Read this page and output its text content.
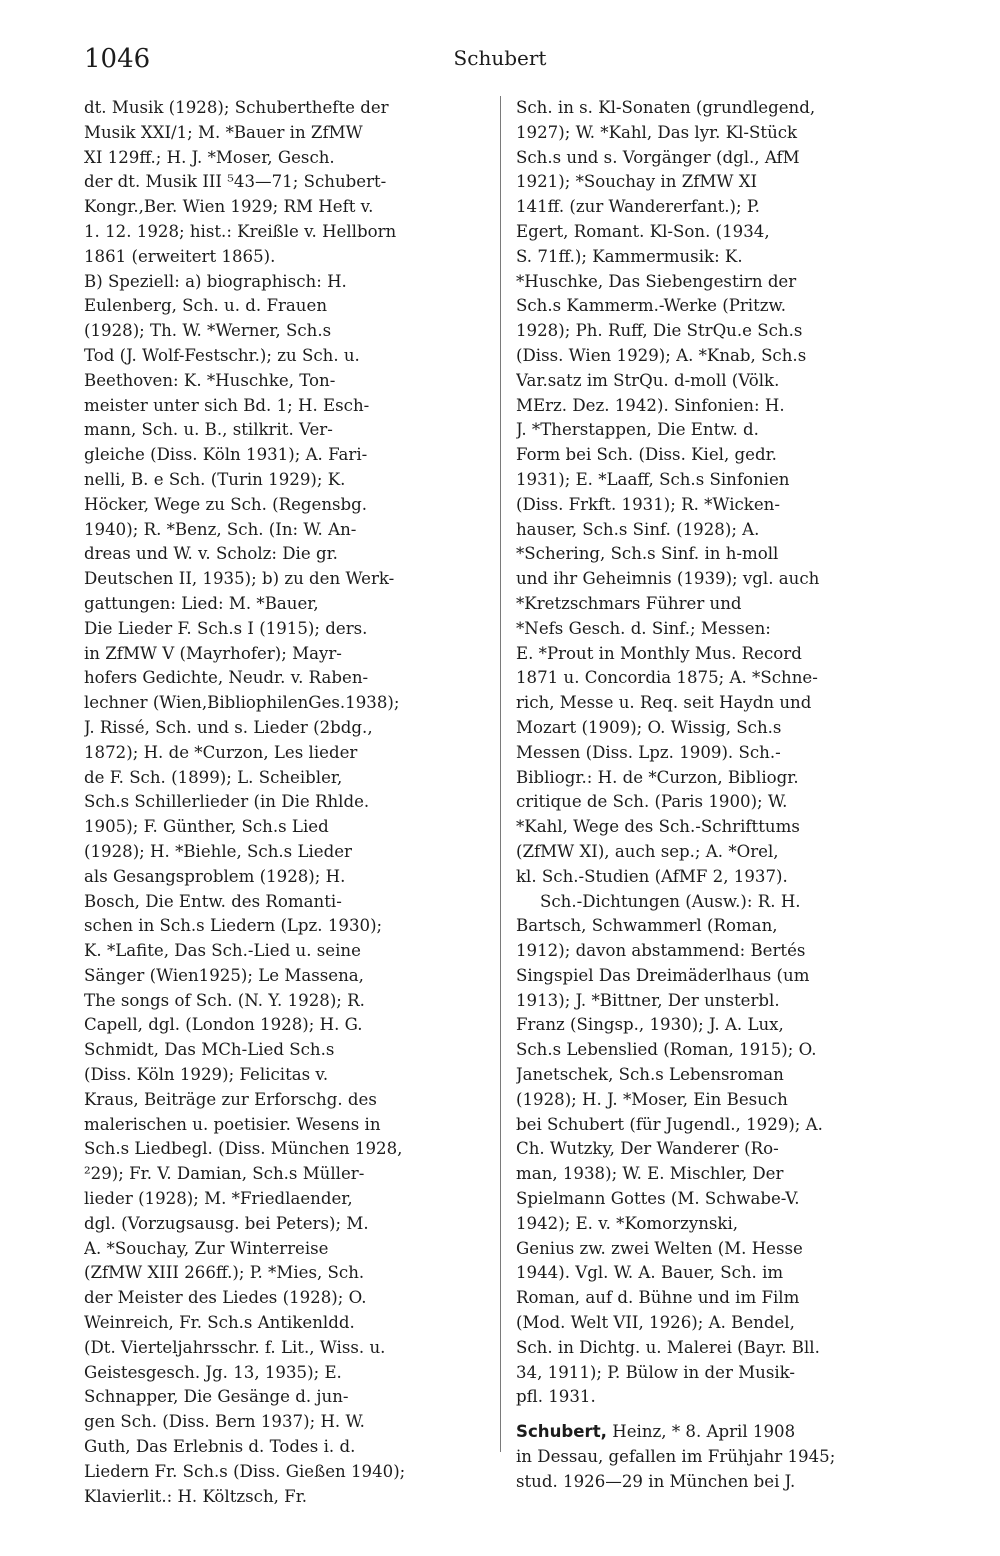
1046	Schubert
dt. Musik (1928); Schuberthefte der
Musik XXI/1; M. *Bauer in ZfMW
XI 129ff.; H. J. *Moser, Gesch.
der dt. Musik III ⁵43—71; Schubert-
Kongr.,Ber. Wien 1929; RM Heft v.
1. 12. 1928; hist.: Kreißle v. Hellborn
1861 (erweitert 1865).
B) Speziell: a) biographisch: H.
Eulenberg, Sch. u. d. Frauen
(1928); Th. W. *Werner, Sch.s
Tod (J. Wolf-Festschr.); zu Sch. u.
Beethoven: K. *Huschke, Ton-
meister unter sich Bd. 1; H. Esch-
mann, Sch. u. B., stilkrit. Ver-
gleiche (Diss. Köln 1931); A. Fari-
nelli, B. e Sch. (Turin 1929); K.
Höcker, Wege zu Sch. (Regensbg.
1940); R. *Benz, Sch. (In: W. An-
dreas und W. v. Scholz: Die gr.
Deutschen II, 1935); b) zu den Werk-
gattungen: Lied: M. *Bauer,
Die Lieder F. Sch.s I (1915); ders.
in ZfMW V (Mayrhofer); Mayr-
hofers Gedichte, Neudr. v. Raben-
lechner (Wien,BibliophilenGes.1938);
J. Rissé, Sch. und s. Lieder (2bdg.,
1872); H. de *Curzon, Les lieder
de F. Sch. (1899); L. Scheibler,
Sch.s Schillerlieder (in Die Rhlde.
1905); F. Günther, Sch.s Lied
(1928); H. *Biehle, Sch.s Lieder
als Gesangsproblem (1928); H.
Bosch, Die Entw. des Romanti-
schen in Sch.s Liedern (Lpz. 1930);
K. *Lafite, Das Sch.-Lied u. seine
Sänger (Wien1925); Le Massena,
The songs of Sch. (N. Y. 1928); R.
Capell, dgl. (London 1928); H. G.
Schmidt, Das MCh-Lied Sch.s
(Diss. Köln 1929); Felicitas v.
Kraus, Beiträge zur Erforschg. des
malerischen u. poetisier. Wesens in
Sch.s Liedbegl. (Diss. München 1928,
²29); Fr. V. Damian, Sch.s Müller-
lieder (1928); M. *Friedlaender,
dgl. (Vorzugsausg. bei Peters); M.
A. *Souchay, Zur Winterreise
(ZfMW XIII 266ff.); P. *Mies, Sch.
der Meister des Liedes (1928); O.
Weinreich, Fr. Sch.s Antikenldd.
(Dt. Vierteljahrsschr. f. Lit., Wiss. u.
Geistesgesch. Jg. 13, 1935); E.
Schnapper, Die Gesänge d. jun-
gen Sch. (Diss. Bern 1937); H. W.
Guth, Das Erlebnis d. Todes i. d.
Liedern Fr. Sch.s (Diss. Gießen 1940);
Klavierlit.: H. Költzsch, Fr.
Sch. in s. Kl-Sonaten (grundlegend,
1927); W. *Kahl, Das lyr. Kl-Stück
Sch.s und s. Vorgänger (dgl., AfM
1921); *Souchay in ZfMW XI
141ff. (zur Wandererfant.); P.
Egert, Romant. Kl-Son. (1934,
S. 71ff.); Kammermusik: K.
*Huschke, Das Siebengestirn der
Sch.s Kammerm.-Werke (Pritzw.
1928); Ph. Ruff, Die StrQu.e Sch.s
(Diss. Wien 1929); A. *Knab, Sch.s
Var.satz im StrQu. d-moll (Völk.
MErz. Dez. 1942). Sinfonien: H.
J. *Therstappen, Die Entw. d.
Form bei Sch. (Diss. Kiel, gedr.
1931); E. *Laaff, Sch.s Sinfonien
(Diss. Frkft. 1931); R. *Wicken-
hauser, Sch.s Sinf. (1928); A.
*Schering, Sch.s Sinf. in h-moll
und ihr Geheimnis (1939); vgl. auch
*Kretzschmars Führer und
*Nefs Gesch. d. Sinf.; Messen:
E. *Prout in Monthly Mus. Record
1871 u. Concordia 1875; A. *Schne-
rich, Messe u. Req. seit Haydn und
Mozart (1909); O. Wissig, Sch.s
Messen (Diss. Lpz. 1909). Sch.-
Bibliogr.: H. de *Curzon, Bibliogr.
critique de Sch. (Paris 1900); W.
*Kahl, Wege des Sch.-Schrifttums
(ZfMW XI), auch sep.; A. *Orel,
kl. Sch.-Studien (AfMF 2, 1937).
Sch.-Dichtungen (Ausw.): R. H.
Bartsch, Schwammerl (Roman,
1912); davon abstammend: Bertés
Singspiel Das Dreimäderlhaus (um
1913); J. *Bittner, Der unsterbl.
Franz (Singsp., 1930); J. A. Lux,
Sch.s Lebenslied (Roman, 1915); O.
Janetschek, Sch.s Lebensroman
(1928); H. J. *Moser, Ein Besuch
bei Schubert (für Jugendl., 1929); A.
Ch. Wutzky, Der Wanderer (Ro-
man, 1938); W. E. Mischler, Der
Spielmann Gottes (M. Schwabe-V.
1942); E. v. *Komorzynski,
Genius zw. zwei Welten (M. Hesse
1944). Vgl. W. A. Bauer, Sch. im
Roman, auf d. Bühne und im Film
(Mod. Welt VII, 1926); A. Bendel,
Sch. in Dichtg. u. Malerei (Bayr. Bll.
34, 1911); P. Bülow in der Musik-
pfl. 1931.
Schubert, Heinz, * 8. April 1908
in Dessau, gefallen im Frühjahr 1945;
stud. 1926—29 in München bei J.
